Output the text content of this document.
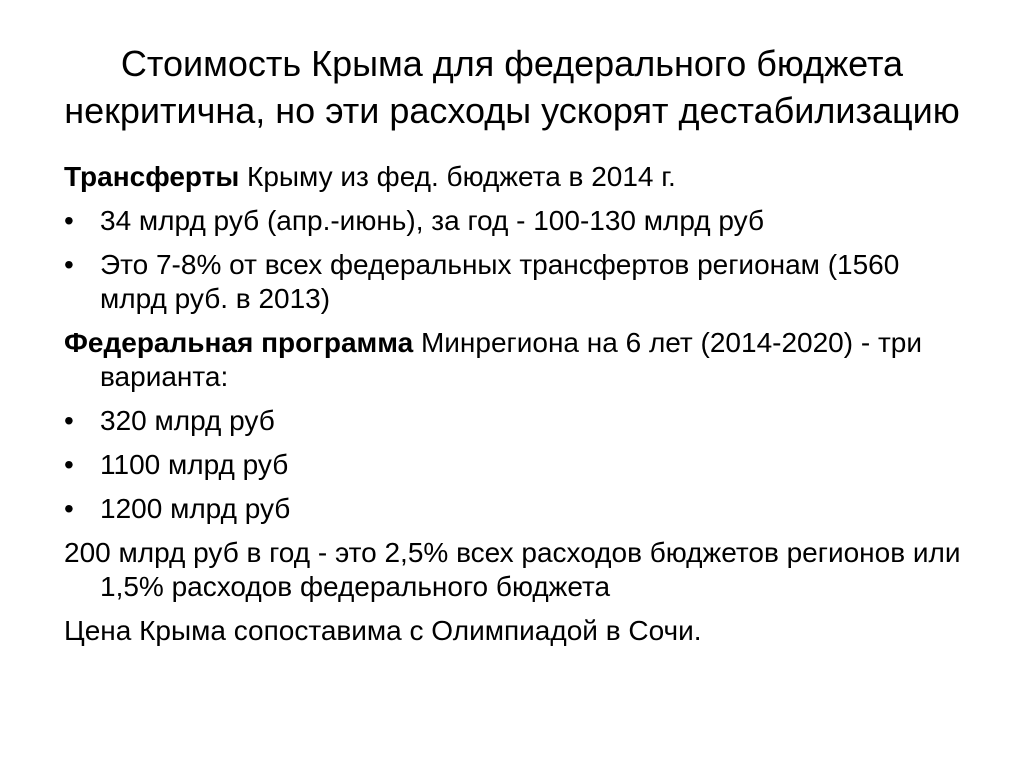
Стоимость Крыма для федерального бюджета
некритична, но эти расходы ускорят дестабилизацию

Трансферты Крыму из фед. бюджета в 2014 г.

• 34 млрд руб (апр.-июнь), за год - 100-130 млрд руб
• Это 7-8% от всех федеральных трансфертов регионам (1560 млрд руб. в 2013)

Федеральная программа Минрегиона на 6 лет (2014-2020) - три варианта:

• 320 млрд руб
• 1100 млрд руб
• 1200 млрд руб

200 млрд руб в год - это 2,5% всех расходов бюджетов регионов или 1,5% расходов федерального бюджета

Цена Крыма сопоставима с Олимпиадой в Сочи.
